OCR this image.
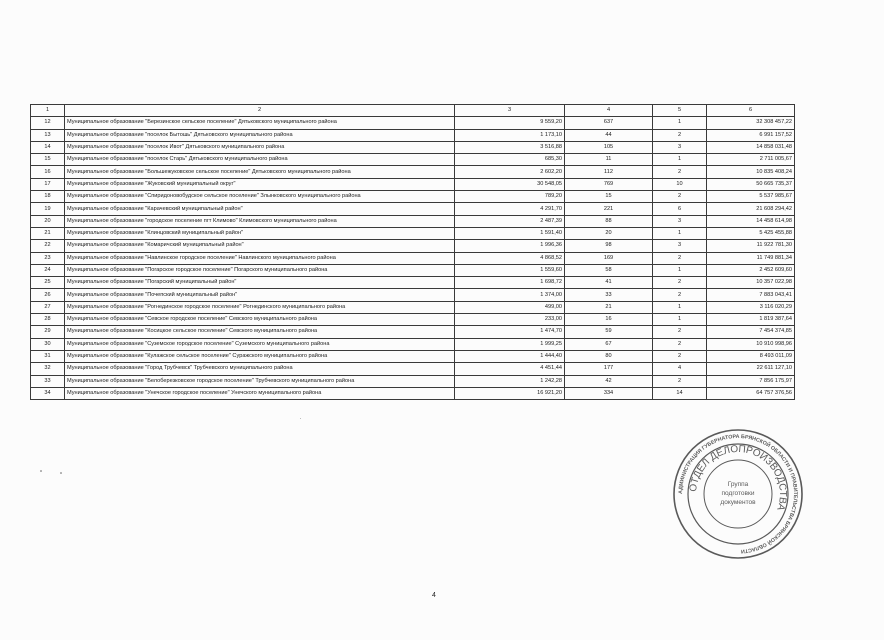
1	2	3	4	5	6
12	Муниципальное образование "Березинское сельское поселение" Дятьковского муниципального района	9 559,20	637	1	32 308 457,22
13	Муниципальное образование "поселок Бытошь" Дятьковского муниципального района	1 173,10	44	2	6 991 157,52
14	Муниципальное образование "поселок Ивот" Дятьковского муниципального района	3 516,88	105	3	14 858 031,48
15	Муниципальное образование "поселок Старь" Дятьковского муниципального района	685,30	11	1	2 711 005,67
16	Муниципальное образование "Большежуковское сельское поселение" Дятьковского муниципального района	2 602,20	112	2	10 835 408,24
17	Муниципальное образование "Жуковский муниципальный округ"	30 548,05	769	10	50 665 735,37
18	Муниципальное образование "Спиридоновобудское сельское поселение" Злынковского муниципального района	789,20	15	2	5 537 985,67
19	Муниципальное образование "Карачевский муниципальный район"	4 291,70	221	6	21 608 294,42
20	Муниципальное образование "городское поселение пгт Климово" Климовского муниципального района	2 487,39	88	3	14 458 614,98
21	Муниципальное образование "Клинцовский муниципальный район"	1 591,40	20	1	5 425 455,88
22	Муниципальное образование "Комаричский муниципальный район"	1 996,36	98	3	11 922 781,30
23	Муниципальное образование "Навлинское городское поселение" Навлинского муниципального района	4 868,52	169	2	11 749 881,34
24	Муниципальное образование "Погарское городское поселение" Погарского муниципального района	1 559,60	58	1	2 452 609,60
25	Муниципальное образование "Погарский муниципальный район"	1 698,72	41	2	10 357 022,98
26	Муниципальное образование "Почепский муниципальный район"	1 374,00	33	2	7 883 043,41
27	Муниципальное образование "Рогнединское городское поселение" Рогнединского муниципального района	499,00	21	1	3 116 020,29
28	Муниципальное образование "Севское городское поселение" Севского муниципального района	233,00	16	1	1 819 387,64
29	Муниципальное образование "Косицкое сельское поселение" Севского муниципального района	1 474,70	59	2	7 454 374,85
30	Муниципальное образование "Суземское городское поселение" Суземского муниципального района	1 999,25	67	2	10 910 998,96
31	Муниципальное образование "Кулажское сельское поселение" Суражского муниципального района	1 444,40	80	2	8 493 011,09
32	Муниципальное образование "Город Трубчевск" Трубчевского муниципального района	4 451,44	177	4	22 611 127,10
33	Муниципальное образование "Белоберезковское городское поселение" Трубчевского муниципального района	1 242,28	42	2	7 856 175,97
34	Муниципальное образование "Унечское городское поселение" Унечского муниципального района	16 921,20	334	14	64 757 376,56
4
АДМИНИСТРАЦИЯ ГУБЕРНАТОРА БРЯНСКОЙ ОБЛАСТИ И ПРАВИТЕЛЬСТВА БРЯНСКОЙ ОБЛАСТИ
ОТДЕЛ ДЕЛОПРОИЗВОДСТВА
Группа
подготовки
документов
